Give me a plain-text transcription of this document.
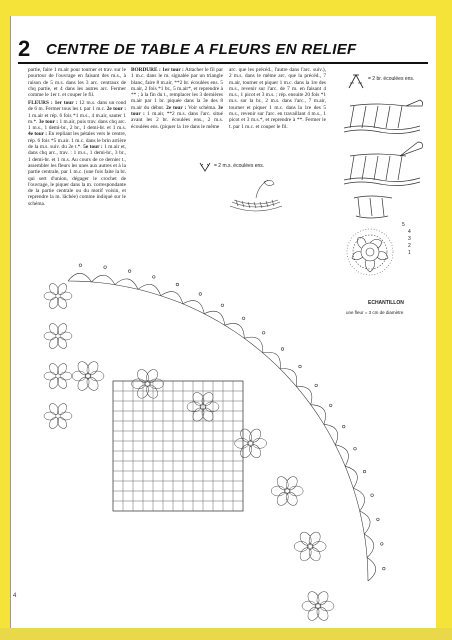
2	CENTRE DE TABLE A FLEURS EN RELIEF

partie, faire 1 m.air pour tourner et trav. sur le pourtour de l'ouvrage en faisant des m.s., à raison de 5 m.s. dans les 3 arc. centraux de chq partie, et 4 dans les autres arc. Fermer comme le 1er t. et couper le fil.

FLEURS : 1er tour : 12 m.s. dans un rond de 6 m. Fermer tous les t. par 1 m.c. 2e tour : 1 m.air et rép. 6 fois *1 m.s., 4 m.air, sauter 1 m.*. 3e tour : 1 m.air, puis trav. dans chq arc. 1 m.s., 1 demi-br., 2 br., 1 demi-br. et 1 m.s. 4e tour : En repliant les pétales vers le centre, rép. 6 fois *5 m.air. 1 m.c. dans le brin arrière de la m.s. suiv. du 2e t.*. 5e tour : 1 m.air et, dans chq arc., trav. : 1 m.s., 1 demi-br., 3 br., 1 demi-br. et 1 m.s. Au cours de ce dernier t., assembler les fleurs les unes aux autres et à la partie centrale, par 1 m.c. (une fois faite la br. qui sert d'union, dégager le crochet de l'ouvrage, le piquer dans la m. correspondante de la partie centrale ou du motif voisin, et reprendre la m. lâchée) comme indiqué sur le schéma.

BORDURE : 1er tour : Attacher le fil par 1 m.c. dans le m. signalée par un triangle blanc, faire 8 m.air, **2 br. écoulées ens. 5 m.air, 2 fois *1 br., 5 m.air*, et reprendre à ** ; à la fin du t., remplacer les 3 dernières m.air par 1 br. piquée dans la 3e des 8 m.air du début. 2e tour : Voir schéma. 3e tour : 1 m.air, **2 m.s. dans l'arc. situé avant les 2 br. écoulées ens., 2 m.s. écoulées ens. (piquer la 1re dans le même

arc. que les précéd., l'autre dans l'arc. suiv.), 2 m.s. dans le même arc. que la précéd., 7 m.air, tourner et piquer 1 m.c. dans la 1re des m.s., revenir sur l'arc. de 7 m. en faisant 4 m.s., 1 picot et 3 m.s. ; rép. ensuite 20 fois *1 m.s. sur la br., 2 m.s. dans l'arc., 7 m.air, tourner et piquer 1 m.c. dans la 1re des 5 m.s., revenir sur l'arc. en travaillant 4 m.s., 1 picot et 3 m.s.*, et reprendre à **. Fermer le t. par 1 m.c. et couper le fil.

= 2 br. écoulées ens.
= 2 m.s. écoulées ens.
5
4
3
2
1
ECHANTILLON
une fleur = 3 cm de diamètre
4
